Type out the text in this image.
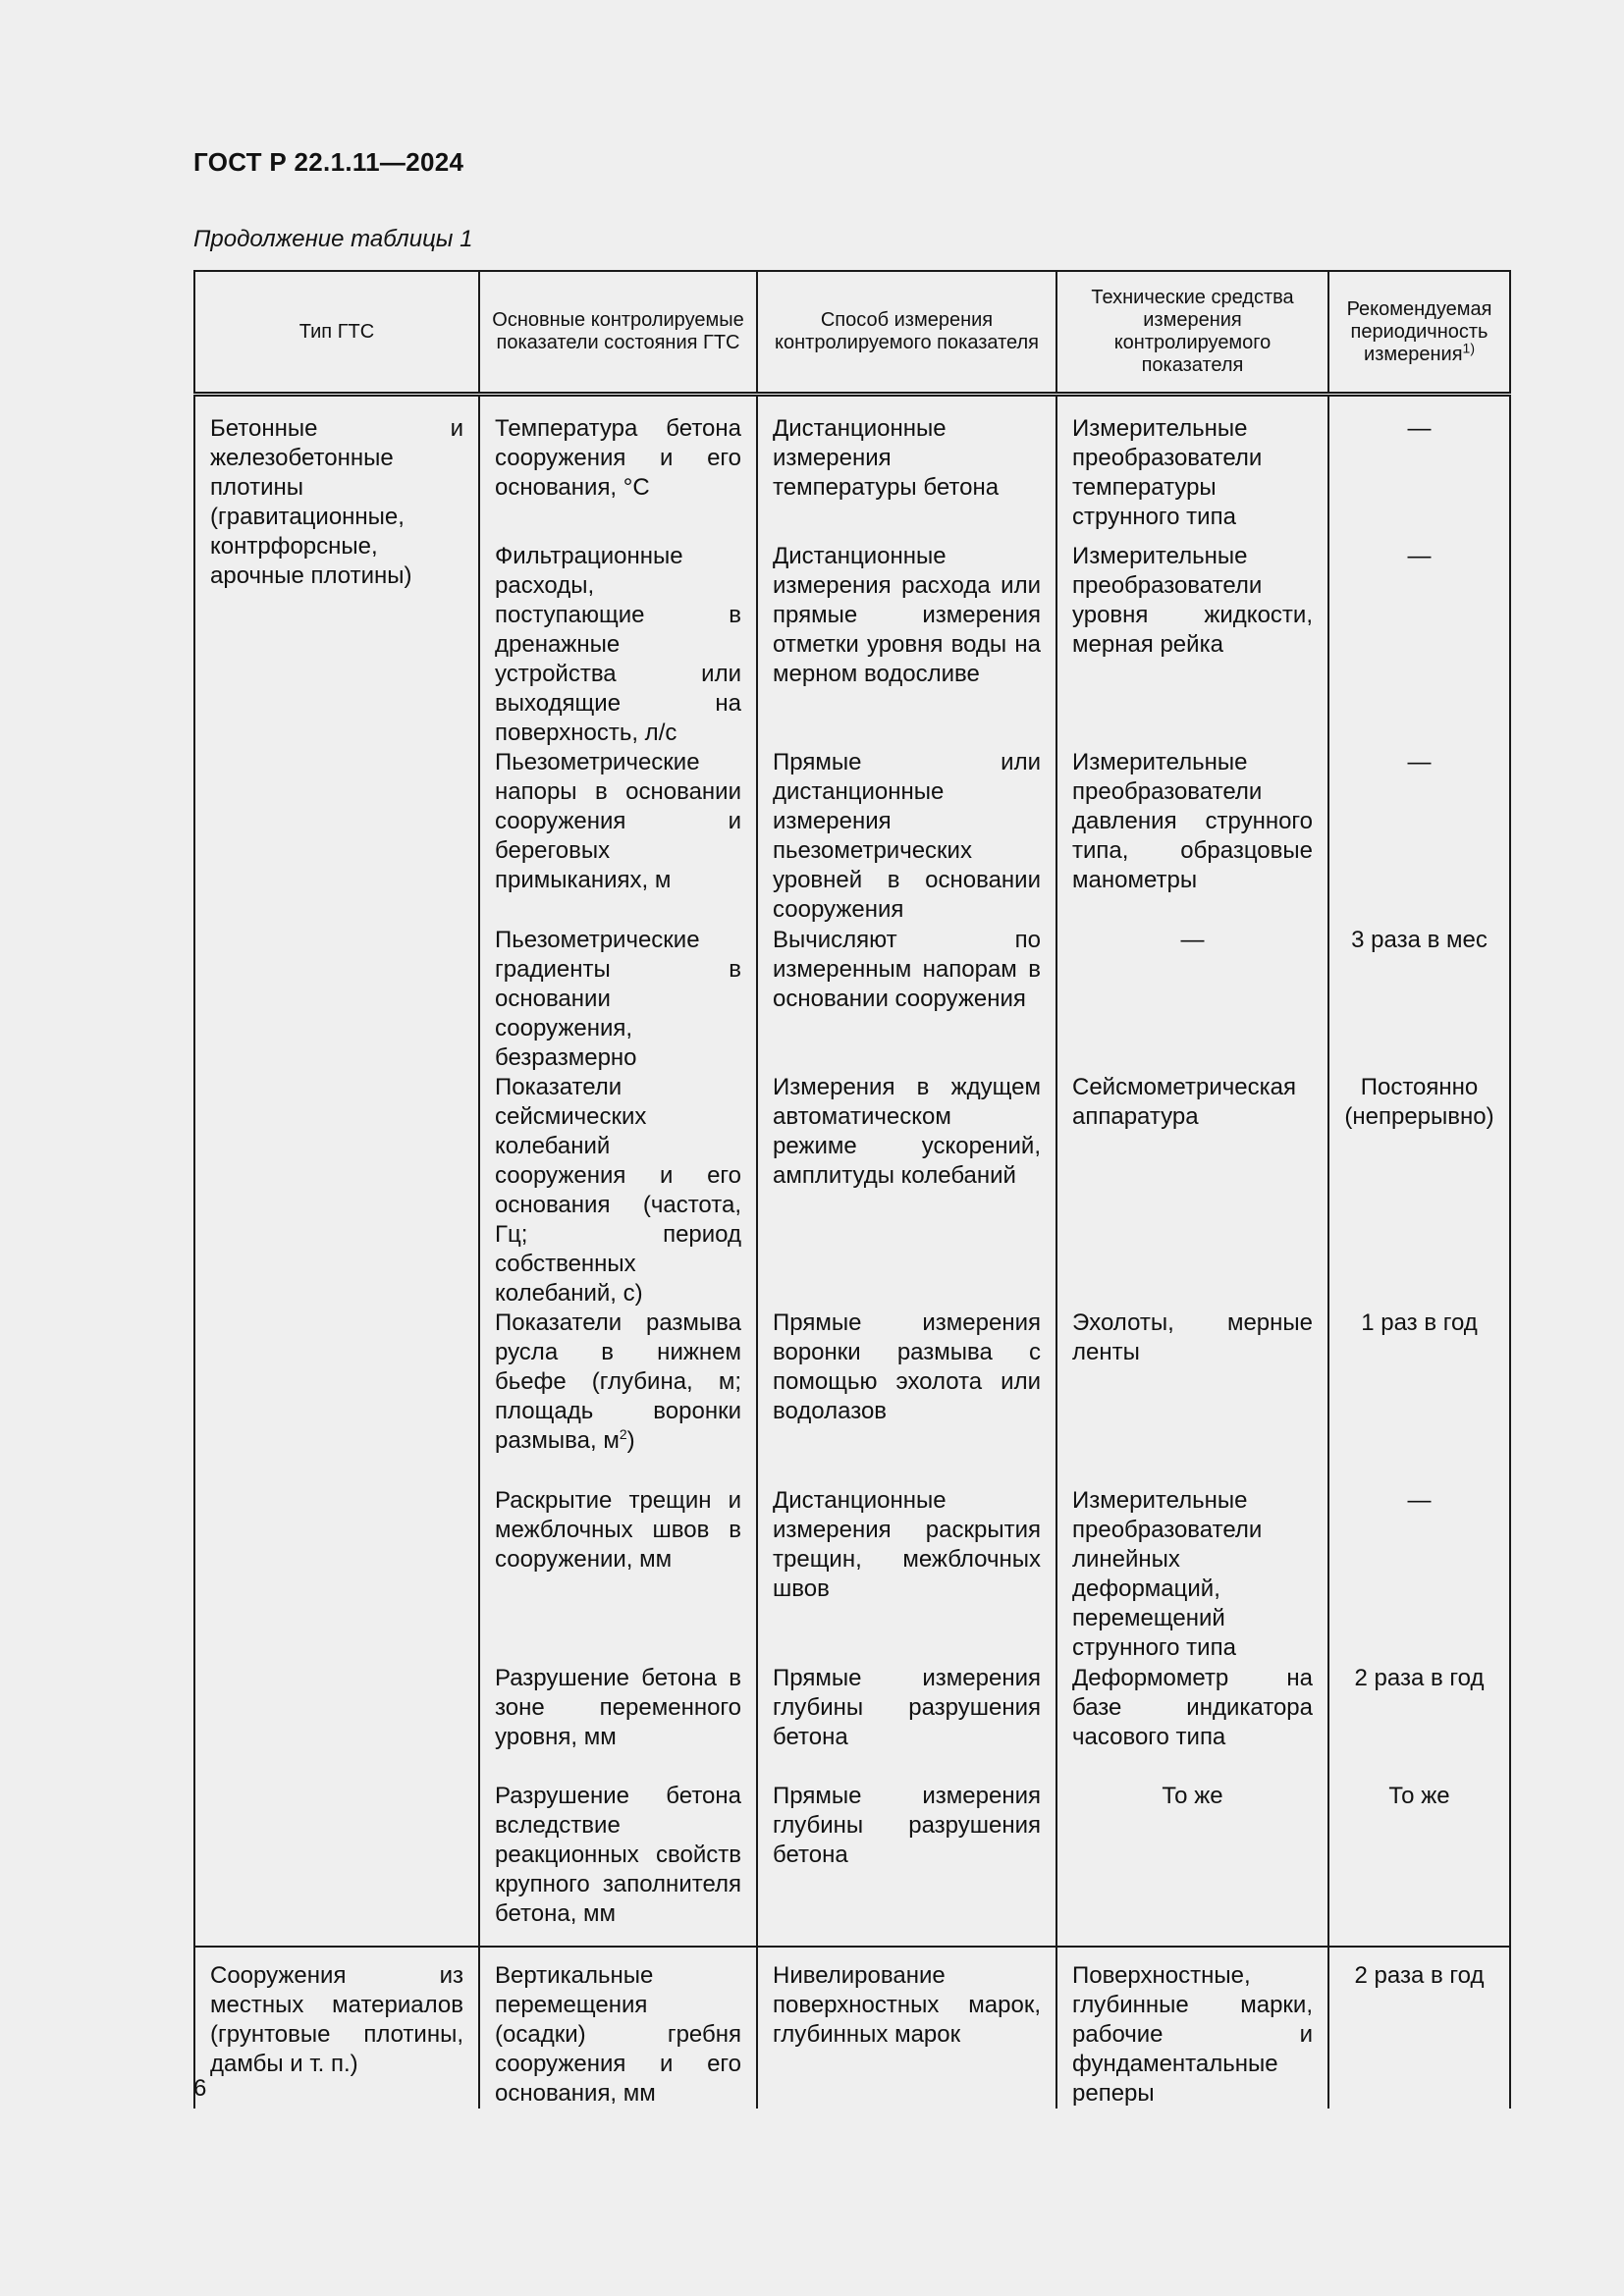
ГОСТ Р 22.1.11—2024
Продолжение таблицы 1
Тип ГТС	Основные контролируемые показатели состояния ГТС	Способ измерения контролируемого показателя	Технические средства измерения контролируемого показателя	Рекомендуемая периодичность измерения$^{1)}$

Бетонные и железобетонные плотины (гравитационные, контрфорсные, арочные плотины)	Температура бетона сооружения и его основания, °С	Дистанционные измерения температуры бетона	Измерительные преобразователи температуры струнного типа	—

	Фильтрационные расходы, поступающие в дренажные устройства или выходящие на поверхность, л/с	Дистанционные измерения расхода или прямые измерения отметки уровня воды на мерном водосливе	Измерительные преобразователи уровня жидкости, мерная рейка	—

	Пьезометрические напоры в основании сооружения и береговых примыканиях, м	Прямые или дистанционные измерения пьезометрических уровней в основании сооружения	Измерительные преобразователи давления струнного типа, образцовые манометры	—

	Пьезометрические градиенты в основании сооружения, безразмерно	Вычисляют по измеренным напорам в основании сооружения	—	3 раза в мес

	Показатели сейсмических колебаний сооружения и его основания (частота, Гц; период собственных колебаний, с)	Измерения в ждущем автоматическом режиме ускорений, амплитуды колебаний	Сейсмометрическая аппаратура	Постоянно (непрерывно)

	Показатели размыва русла в нижнем бьефе (глубина, м; площадь воронки размыва, $м^2$)	Прямые измерения воронки размыва с помощью эхолота или водолазов	Эхолоты, мерные ленты	1 раз в год

	Раскрытие трещин и межблочных швов в сооружении, мм	Дистанционные измерения раскрытия трещин, межблочных швов	Измерительные преобразователи линейных деформаций, перемещений струнного типа	—

	Разрушение бетона в зоне переменного уровня, мм	Прямые измерения глубины разрушения бетона	Деформометр на базе индикатора часового типа	2 раза в год

	Разрушение бетона вследствие реакционных свойств крупного заполнителя бетона, мм	Прямые измерения глубины разрушения бетона	То же	То же

Сооружения из местных материалов (грунтовые плотины, дамбы и т. п.)	Вертикальные перемещения (осадки) гребня сооружения и его основания, мм	Нивелирование поверхностных марок, глубинных марок	Поверхностные, глубинные марки, рабочие и фундаментальные реперы	2 раза в год
6
